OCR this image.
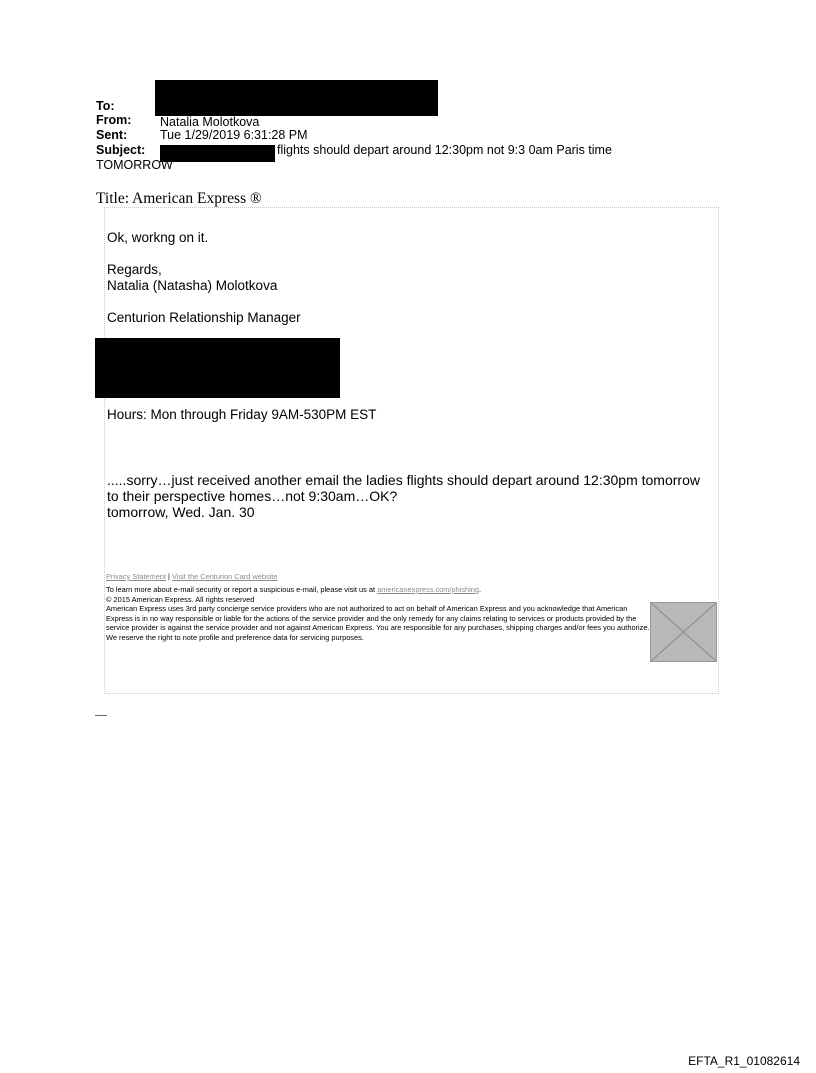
To:
From: Natalia Molotkova
Sent:	Tue 1/29/2019 6:31:28 PM
Subject:	flights should depart around 12:30pm not 9:3 0am Paris time
TOMORROW
Title: American Express ®
Ok, workng on it.
Regards,
Natalia (Natasha) Molotkova
Centurion Relationship Manager
Hours: Mon through Friday 9AM-530PM EST
.....sorry…just received another email the ladies flights should depart around 12:30pm tomorrow
to their perspective homes…not 9:30am…OK?
tomorrow, Wed. Jan. 30
Privacy Statement | Visit the Centurion Card website
To learn more about e-mail security or report a suspicious e-mail, please visit us at americanexpress.com/phishing.
© 2015 American Express. All rights reserved
American Express uses 3rd party concierge service providers who are not authorized to act on behalf of American Express and you acknowledge that American Express is in no way responsible or liable for the actions of the service provider and the only remedy for any claims relating to services or products provided by the service provider is against the service provider and not against American Express. You are responsible for any purchases, shipping charges and/or fees you authorize. We reserve the right to note profile and preference data for servicing purposes.
EFTA_R1_01082614
